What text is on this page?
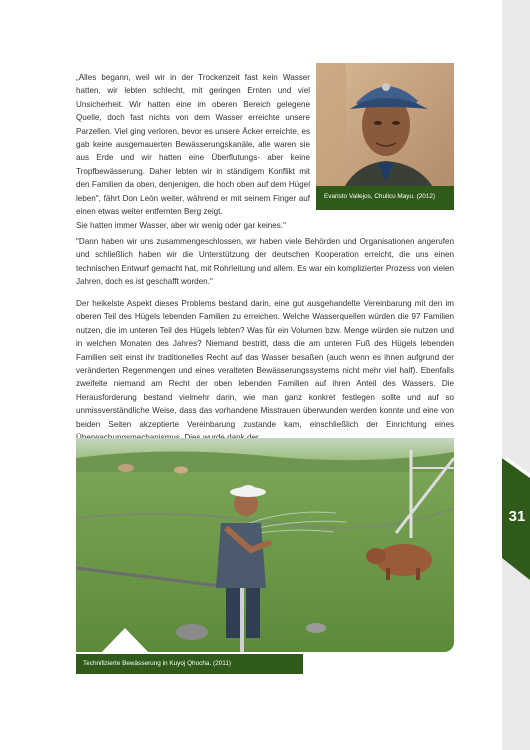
31
„Alles begann, weil wir in der Trockenzeit fast kein Wasser hatten, wir lebten schlecht, mit geringen Ernten und viel Unsicherheit. Wir hatten eine im oberen Bereich gelegene Quelle, doch fast nichts von dem Wasser erreichte unsere Parzellen. Viel ging verloren, bevor es unsere Äcker erreichte, es gab keine ausgemauerten Bewässerungskanäle, alle waren sie aus Erde und wir hatten eine Überflutungs- aber keine Tropfbewässerung. Daher lebten wir in ständigem Konflikt mit den Familien da oben, denjenigen, die hoch oben auf dem Hügel leben", fährt Don León weiter, während er mit seinem Finger auf einen etwas weiter entfernten Berg zeigt.
Sie hatten immer Wasser, aber wir wenig oder gar keines."
"Dann haben wir uns zusammengeschlossen, wir haben viele Behörden und Organisationen angerufen und schließlich haben wir die Unterstützung der deutschen Kooperation erreicht, die uns einen technischen Entwurf gemacht hat, mit Rohrleitung und allem. Es war ein komplizierter Prozess von vielen Jahren, doch es ist geschafft worden."
Der heikelste Aspekt dieses Problems bestand darin, eine gut ausgehandelte Vereinbarung mit den im oberen Teil des Hügels lebenden Familien zu erreichen. Welche Wasserquellen würden die 97 Familien nutzen, die im unteren Teil des Hügels lebten? Was für ein Volumen bzw. Menge würden sie nutzen und in welchen Monaten des Jahres? Niemand bestritt, dass die am unteren Fuß des Hügels lebenden Familien seit einst ihr traditionelles Recht auf das Wasser besaßen (auch wenn es ihnen aufgrund der veränderten Regenmengen und eines veralteten Bewässerungssystems nicht mehr viel half). Ebenfalls zweifelte niemand am Recht der oben lebenden Familien auf ihren Anteil des Wassers. Die Herausforderung bestand vielmehr darin, wie man ganz konkret festlegen sollte und auf so unmissverständliche Weise, dass das vorhandene Misstrauen überwunden werden konnte und eine von beiden Seiten akzeptierte Vereinbarung zustande kam, einschließlich der Einrichtung eines
Evaristo Vallejos, Chullcu Mayu. (2012)
Technifizierte Bewässerung in Kuyoj Qhocha. (2011)
